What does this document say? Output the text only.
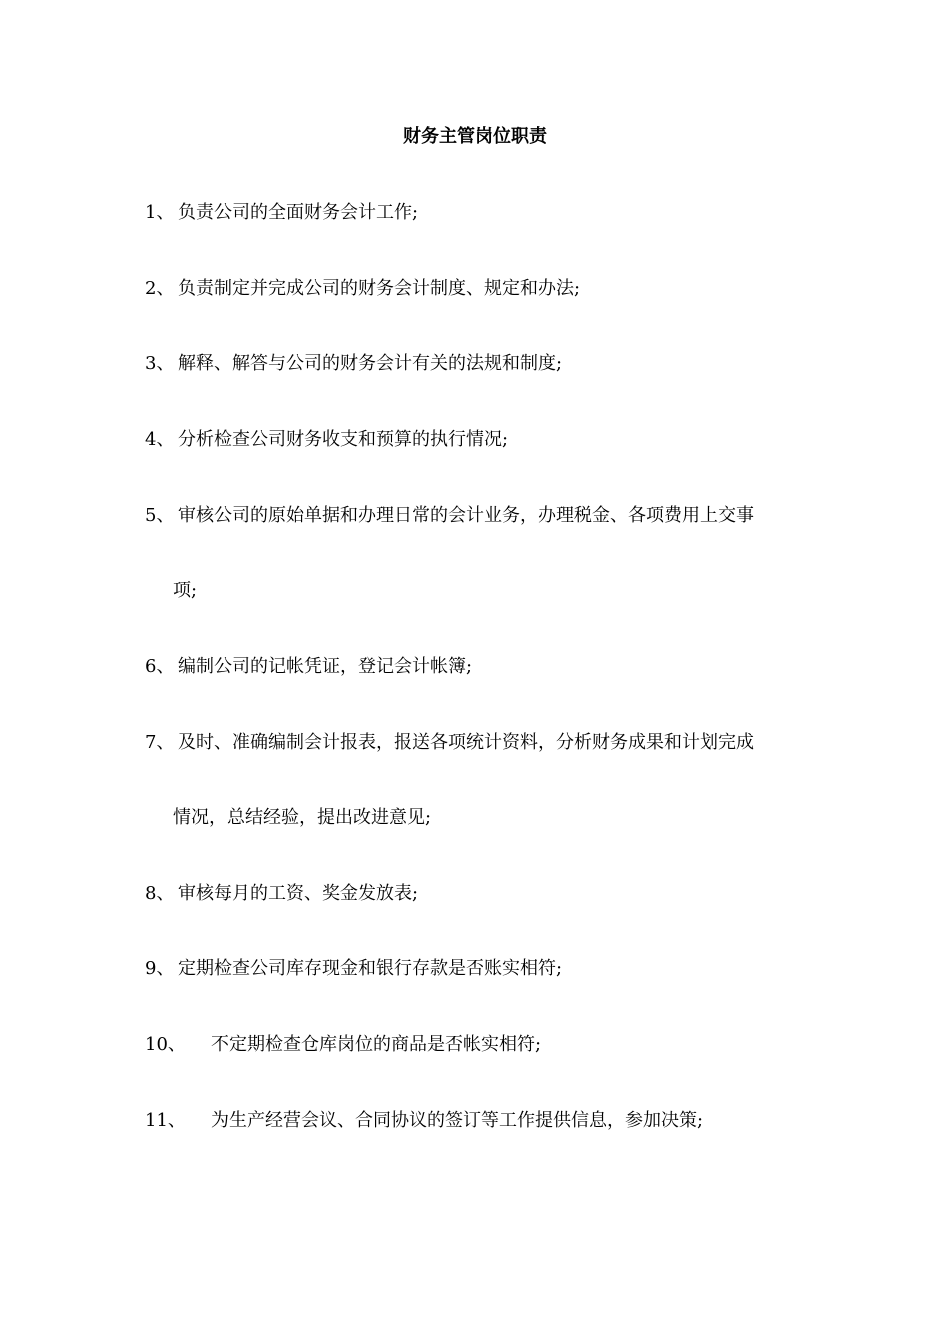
财务主管岗位职责
1、 负责公司的全面财务会计工作;
2、 负责制定并完成公司的财务会计制度、规定和办法;
3、 解释、解答与公司的财务会计有关的法规和制度;
4、 分析检查公司财务收支和预算的执行情况;
5、 审核公司的原始单据和办理日常的会计业务，办理税金、各项费用上交事
项;
6、 编制公司的记帐凭证，登记会计帐簿;
7、 及时、准确编制会计报表，报送各项统计资料，分析财务成果和计划完成
情况，总结经验，提出改进意见;
8、 审核每月的工资、奖金发放表;
9、 定期检查公司库存现金和银行存款是否账实相符;
10、 不定期检查仓库岗位的商品是否帐实相符;
11、 为生产经营会议、合同协议的签订等工作提供信息，参加决策;
